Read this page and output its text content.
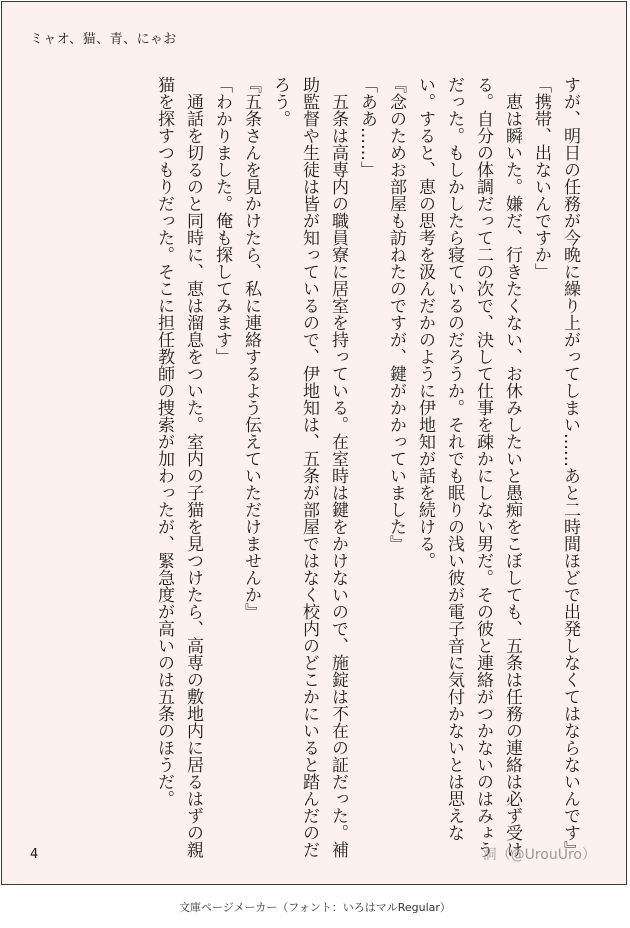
ミャオ、猫、青、にゃお

すが、明日の任務が今晩に繰り上がってしまい……あと二時間ほどで出発しなくてはならないんです』

「携帯、出ないんですか」

　恵は瞬いた。嫌だ、行きたくない、お休みしたいと愚痴をこぼしても、五条は任務の連絡は必ず受ける。自分の体調だって二の次で、決して仕事を疎かにしない男だ。その彼と連絡がつかないのはみょうだった。もしかしたら寝ているのだろうか。それでも眠りの浅い彼が電子音に気付かないとは思えない。すると、恵の思考を汲んだかのように伊地知が話を続ける。

『念のためお部屋も訪ねたのですが、鍵がかかっていました』

「ああ……」

　五条は高専内の職員寮に居室を持っている。在室時は鍵をかけないので、施錠は不在の証だった。補助監督や生徒は皆が知っているので、伊地知は、五条が部屋ではなく校内のどこかにいると踏んだのだろう。

『五条さんを見かけたら、私に連絡するよう伝えていただけませんか』

「わかりました。俺も探してみます」

　通話を切るのと同時に、恵は溜息をついた。室内の子猫を見つけたら、高専の敷地内に居るはずの親猫を探すつもりだった。そこに担任教師の捜索が加わったが、緊急度が高いのは五条のほうだ。

4	洞（@UrouUro）
文庫ページメーカー（フォント：いろはマルRegular）
